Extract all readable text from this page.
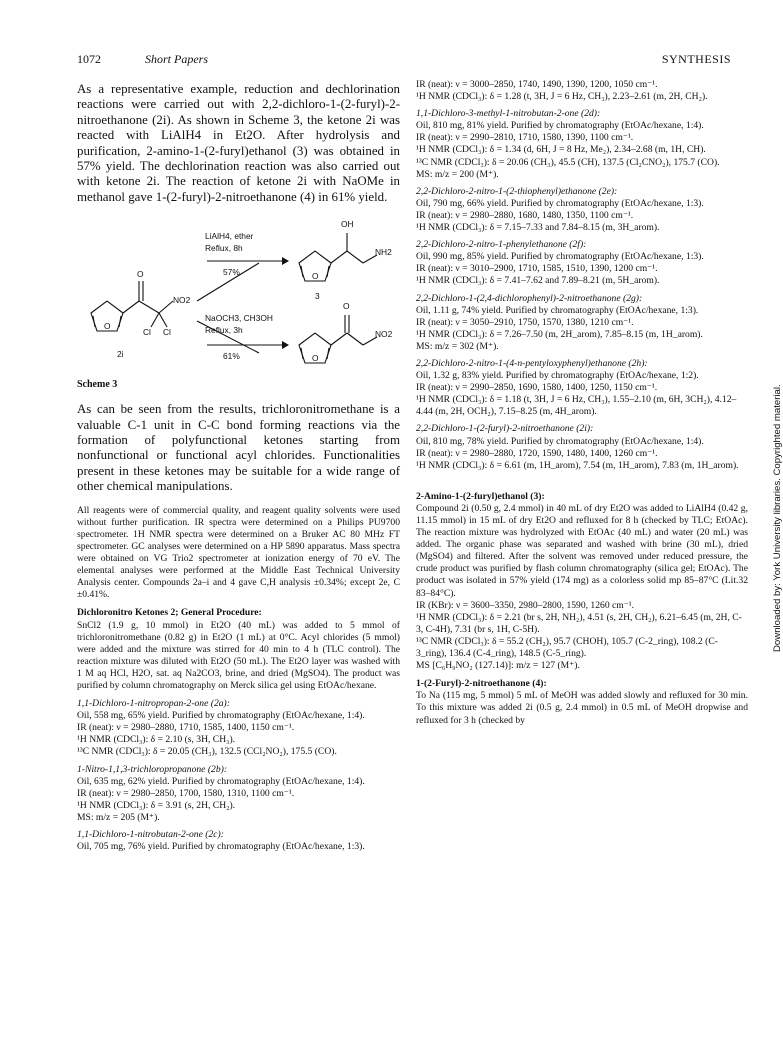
1072	Short Papers	SYNTHESIS

As a representative example, reduction and dechlorination reactions were carried out with 2,2-dichloro-1-(2-furyl)-2-nitroethanone (2i). As shown in Scheme 3, the ketone 2i was reacted with LiAlH4 in Et2O. After hydrolysis and purification, 2-amino-1-(2-furyl)ethanol (3) was obtained in 57% yield. The dechlorination reaction was also carried out with ketone 2i. The reaction of ketone 2i with NaOMe in methanol gave 1-(2-furyl)-2-nitroethanone (4) in 61% yield.

O
O
NO2
Cl Cl
2i
LiAlH4, ether
Reflux, 8h
57%
NaOCH3, CH3OH
Reflux, 3h
61%
OH
NH2
O
3
O
NO2
O

Scheme 3

As can be seen from the results, trichloronitromethane is a valuable C-1 unit in C-C bond forming reactions via the formation of polyfunctional ketones starting from nonfunctional or functional acyl chlorides. Functionalities present in these ketones may be suitable for a wide range of other chemical manipulations.

All reagents were of commercial quality, and reagent quality solvents were used without further purification. IR spectra were determined on a Philips PU9700 spectrometer. 1H NMR spectra were determined on a Bruker AC 80 MHz FT spectrometer. GC analyses were determined on a HP 5890 apparatus. Mass spectra were obtained on VG Trio2 spectrometer at ionization energy of 70 eV. The elemental analyses were performed at the Middle East Technical University Analysis center. Compounds 2a–i and 4 gave C,H analysis ±0.34%; except 2e, C ±0.41%.

Dichloronitro Ketones 2; General Procedure:

SnCl2 (1.9 g, 10 mmol) in Et2O (40 mL) was added to 5 mmol of trichloronitromethane (0.82 g) in Et2O (1 mL) at 0°C. Acyl chlorides (5 mmol) were added and the mixture was stirred for 40 min to 4 h (TLC control). The reaction mixture was diluted with Et2O (50 mL). The Et2O layer was washed with 1 M aq HCl, H2O, sat. aq Na2CO3, brine, and dried (MgSO4). The product was purified by column chromatography on Merck silica gel using EtOAc/hexane.

1,1-Dichloro-1-nitropropan-2-one (2a):

Oil, 558 mg, 65% yield. Purified by chromatography (EtOAc/hexane, 1:4).

IR (neat): ν = 2980–2880, 1710, 1585, 1400, 1150 cm⁻¹.

¹H NMR (CDCl₃): δ = 2.10 (s, 3H, CH₃).

¹³C NMR (CDCl₃): δ = 20.05 (CH₃), 132.5 (CCl₂NO₂), 175.5 (CO).

1-Nitro-1,1,3-trichloropropanone (2b):

Oil, 635 mg, 62% yield. Purified by chromatography (EtOAc/hexane, 1:4).

IR (neat): ν = 2980–2850, 1700, 1580, 1310, 1100 cm⁻¹.

¹H NMR (CDCl₃): δ = 3.91 (s, 2H, CH₂).

MS: m/z = 205 (M⁺).

1,1-Dichloro-1-nitrobutan-2-one (2c):

Oil, 705 mg, 76% yield. Purified by chromatography (EtOAc/hexane, 1:3).

IR (neat): ν = 3000–2850, 1740, 1490, 1390, 1200, 1050 cm⁻¹.

¹H NMR (CDCl₃): δ = 1.28 (t, 3H, J = 6 Hz, CH₃), 2.23–2.61 (m, 2H, CH₂).

1,1-Dichloro-3-methyl-1-nitrobutan-2-one (2d):

Oil, 810 mg, 81% yield. Purified by chromatography (EtOAc/hexane, 1:4).

IR (neat): ν = 2990–2810, 1710, 1580, 1390, 1100 cm⁻¹.

¹H NMR (CDCl₃): δ = 1.34 (d, 6H, J = 8 Hz, Me₂), 2.34–2.68 (m, 1H, CH).

¹³C NMR (CDCl₃): δ = 20.06 (CH₃), 45.5 (CH), 137.5 (Cl₂CNO₂), 175.7 (CO).

MS: m/z = 200 (M⁺).

2,2-Dichloro-2-nitro-1-(2-thiophenyl)ethanone (2e):

Oil, 790 mg, 66% yield. Purified by chromatography (EtOAc/hexane, 1:3).

IR (neat): ν = 2980–2880, 1680, 1480, 1350, 1100 cm⁻¹.

¹H NMR (CDCl₃): δ = 7.15–7.33 and 7.84–8.15 (m, 3H_arom).

2,2-Dichloro-2-nitro-1-phenylethanone (2f):

Oil, 990 mg, 85% yield. Purified by chromatography (EtOAc/hexane, 1:3).

IR (neat): ν = 3010–2900, 1710, 1585, 1510, 1390, 1200 cm⁻¹.

¹H NMR (CDCl₃): δ = 7.41–7.62 and 7.89–8.21 (m, 5H_arom).

2,2-Dichloro-1-(2,4-dichlorophenyl)-2-nitroethanone (2g):

Oil, 1.11 g, 74% yield. Purified by chromatography (EtOAc/hexane, 1:3).

IR (neat): ν = 3050–2910, 1750, 1570, 1380, 1210 cm⁻¹.

¹H NMR (CDCl₃): δ = 7.26–7.50 (m, 2H_arom), 7.85–8.15 (m, 1H_arom).

MS: m/z = 302 (M⁺).

2,2-Dichloro-2-nitro-1-(4-n-pentyloxyphenyl)ethanone (2h):

Oil, 1.32 g, 83% yield. Purified by chromatography (EtOAc/hexane, 1:2).

IR (neat): ν = 2990–2850, 1690, 1580, 1400, 1250, 1150 cm⁻¹.

¹H NMR (CDCl₃): δ = 1.18 (t, 3H, J = 6 Hz, CH₃), 1.55–2.10 (m, 6H, 3CH₂), 4.12–4.44 (m, 2H, OCH₂), 7.15–8.25 (m, 4H_arom).

2,2-Dichloro-1-(2-furyl)-2-nitroethanone (2i):

Oil, 810 mg, 78% yield. Purified by chromatography (EtOAc/hexane, 1:4).

IR (neat): ν = 2980–2880, 1720, 1590, 1480, 1400, 1260 cm⁻¹.

¹H NMR (CDCl₃): δ = 6.61 (m, 1H_arom), 7.54 (m, 1H_arom), 7.83 (m, 1H_arom).

2-Amino-1-(2-furyl)ethanol (3):

Compound 2i (0.50 g, 2.4 mmol) in 40 mL of dry Et2O was added to LiAlH4 (0.42 g, 11.15 mmol) in 15 mL of dry Et2O and refluxed for 8 h (checked by TLC; EtOAc). The reaction mixture was hydrolyzed with EtOAc (40 mL) and water (20 mL) was added. The organic phase was separated and washed with brine (30 mL), dried (MgSO4) and filtered. After the solvent was removed under reduced pressure, the crude product was purified by flash column chromatography (silica gel; EtOAc). The product was isolated in 57% yield (174 mg) as a colorless solid mp 85–87°C (Lit.32 83–84°C).

IR (KBr): ν = 3600–3350, 2980–2800, 1590, 1260 cm⁻¹.

¹H NMR (CDCl₃): δ = 2.21 (br s, 2H, NH₂), 4.51 (s, 2H, CH₂), 6.21–6.45 (m, 2H, C-3, C-4H), 7.31 (br s, 1H, C-5H).

¹³C NMR (CDCl₃): δ = 55.2 (CH₂), 95.7 (CHOH), 105.7 (C-2_ring), 108.2 (C-3_ring), 136.4 (C-4_ring), 148.5 (C-5_ring).

MS [C₆H₉NO₂ (127.14)]: m/z = 127 (M⁺).

1-(2-Furyl)-2-nitroethanone (4):

To Na (115 mg, 5 mmol) 5 mL of MeOH was added slowly and refluxed for 30 min. To this mixture was added 2i (0.5 g, 2.4 mmol) in 0.5 mL of MeOH dropwise and refluxed for 3 h (checked by

Downloaded by: York University libraries. Copyrighted material.
